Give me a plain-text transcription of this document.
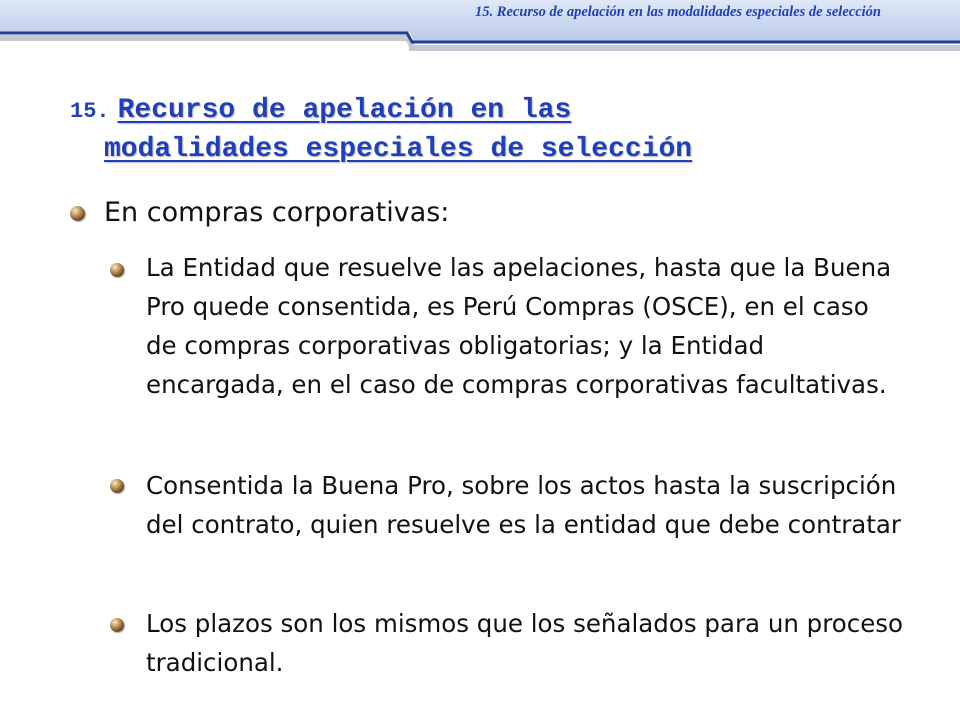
15. Recurso de apelación en las modalidades especiales de selección
15. Recurso de apelación en las
modalidades especiales de selección
En compras corporativas:
La Entidad que resuelve las apelaciones, hasta que la Buena Pro quede consentida, es Perú Compras (OSCE), en el caso de compras corporativas obligatorias; y la Entidad encargada, en el caso de compras corporativas facultativas.
Consentida la Buena Pro, sobre los actos hasta la suscripción del contrato, quien resuelve es la entidad que debe contratar
Los plazos son los mismos que los señalados para un proceso tradicional.
